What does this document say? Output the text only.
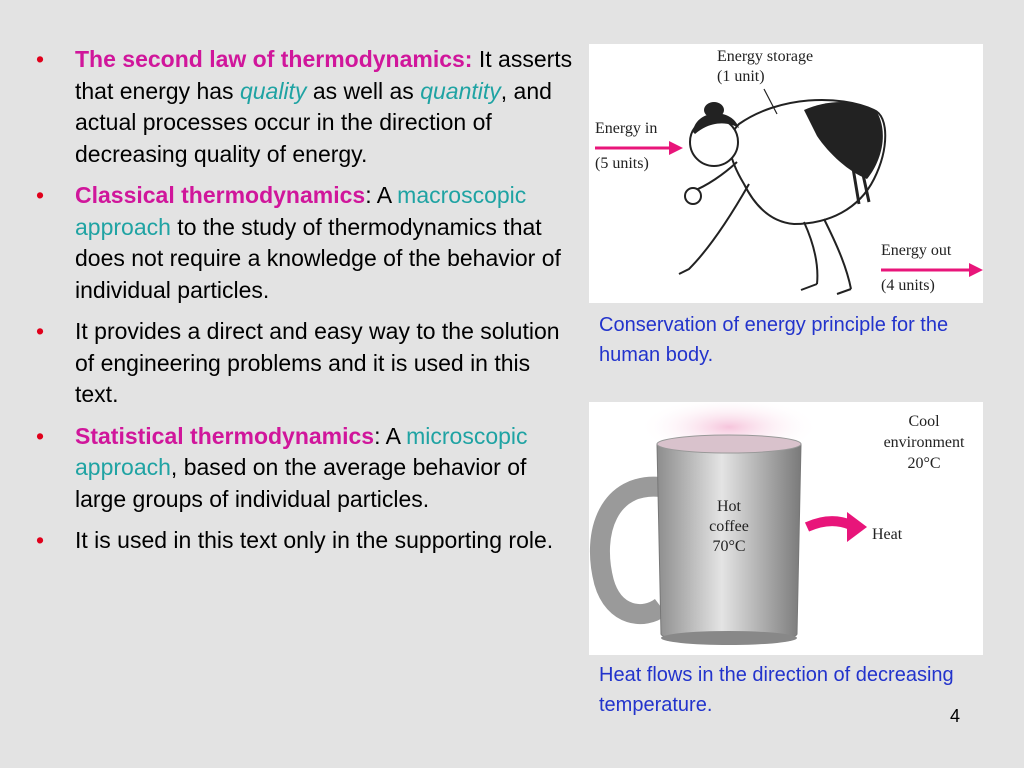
• The second law of thermodynamics: It asserts that energy has quality as well as quantity, and actual processes occur in the direction of decreasing quality of energy.
• Classical thermodynamics: A macroscopic approach to the study of thermodynamics that does not require a knowledge of the behavior of individual particles.
• It provides a direct and easy way to the solution of engineering problems and it is used in this text.
• Statistical thermodynamics: A microscopic approach, based on the average behavior of large groups of individual particles.
• It is used in this text only in the supporting role.
Energy storage
(1 unit)
Energy in
(5 units)
Energy out
(4 units)
Conservation of energy principle for the human body.
Hot
coffee
70°C
Cool
environment
20°C
Heat
Heat flows in the direction of decreasing temperature.	4
